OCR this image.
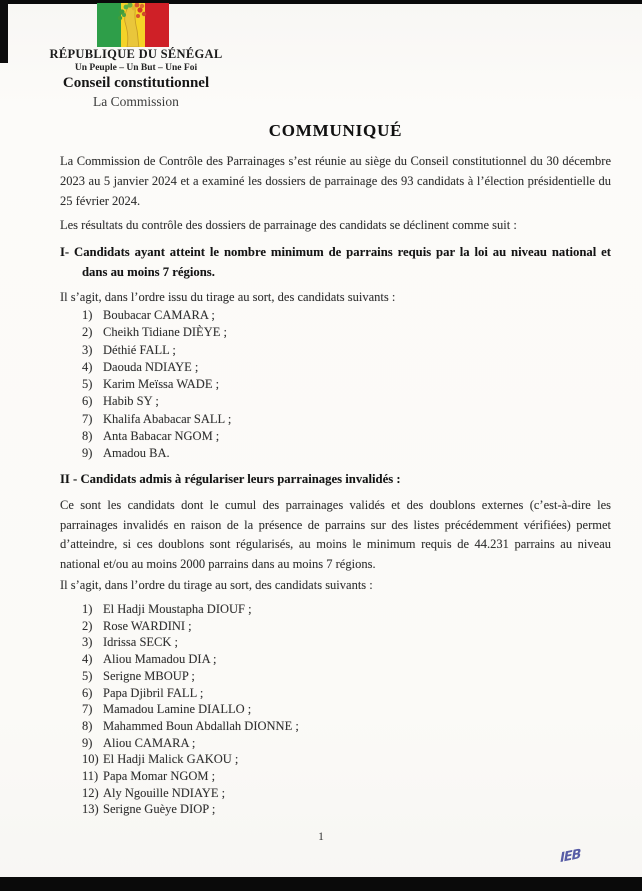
RÉPUBLIQUE DU SÉNÉGAL
Un Peuple – Un But – Une Foi
Conseil constitutionnel
La Commission
COMMUNIQUÉ

La Commission de Contrôle des Parrainages s’est réunie au siège du Conseil constitutionnel du 30 décembre 2023 au 5 janvier 2024 et a examiné les dossiers de parrainage des 93 candidats à l’élection présidentielle du 25 février 2024.

Les résultats du contrôle des dossiers de parrainage des candidats se déclinent comme suit :

I- Candidats ayant atteint le nombre minimum de parrains requis par la loi au niveau national et dans au moins 7 régions.

Il s’agit, dans l’ordre issu du tirage au sort, des candidats suivants :

Boubacar CAMARA ;
Cheikh Tidiane DIÈYE ;
Déthié FALL ;
Daouda NDIAYE ;
Karim Meïssa WADE ;
Habib SY ;
Khalifa Ababacar SALL ;
Anta Babacar NGOM ;
Amadou BA.
II - Candidats admis à régulariser leurs parrainages invalidés :

Ce sont les candidats dont le cumul des parrainages validés et des doublons externes (c’est-à-dire les parrainages invalidés en raison de la présence de parrains sur des listes précédemment vérifiées) permet d’atteindre, si ces doublons sont régularisés, au moins le minimum requis de 44.231 parrains au niveau national et/ou au moins 2000 parrains dans au moins 7 régions.

Il s’agit, dans l’ordre du tirage au sort, des candidats suivants :

El Hadji Moustapha DIOUF ;
Rose WARDINI ;
Idrissa SECK ;
Aliou Mamadou DIA ;
Serigne MBOUP ;
Papa Djibril FALL ;
Mamadou Lamine DIALLO ;
Mahammed Boun Abdallah DIONNE ;
Aliou CAMARA ;
El Hadji Malick GAKOU ;
Papa Momar NGOM ;
Aly Ngouille NDIAYE ;
Serigne Guèye DIOP ;
1
IEB
